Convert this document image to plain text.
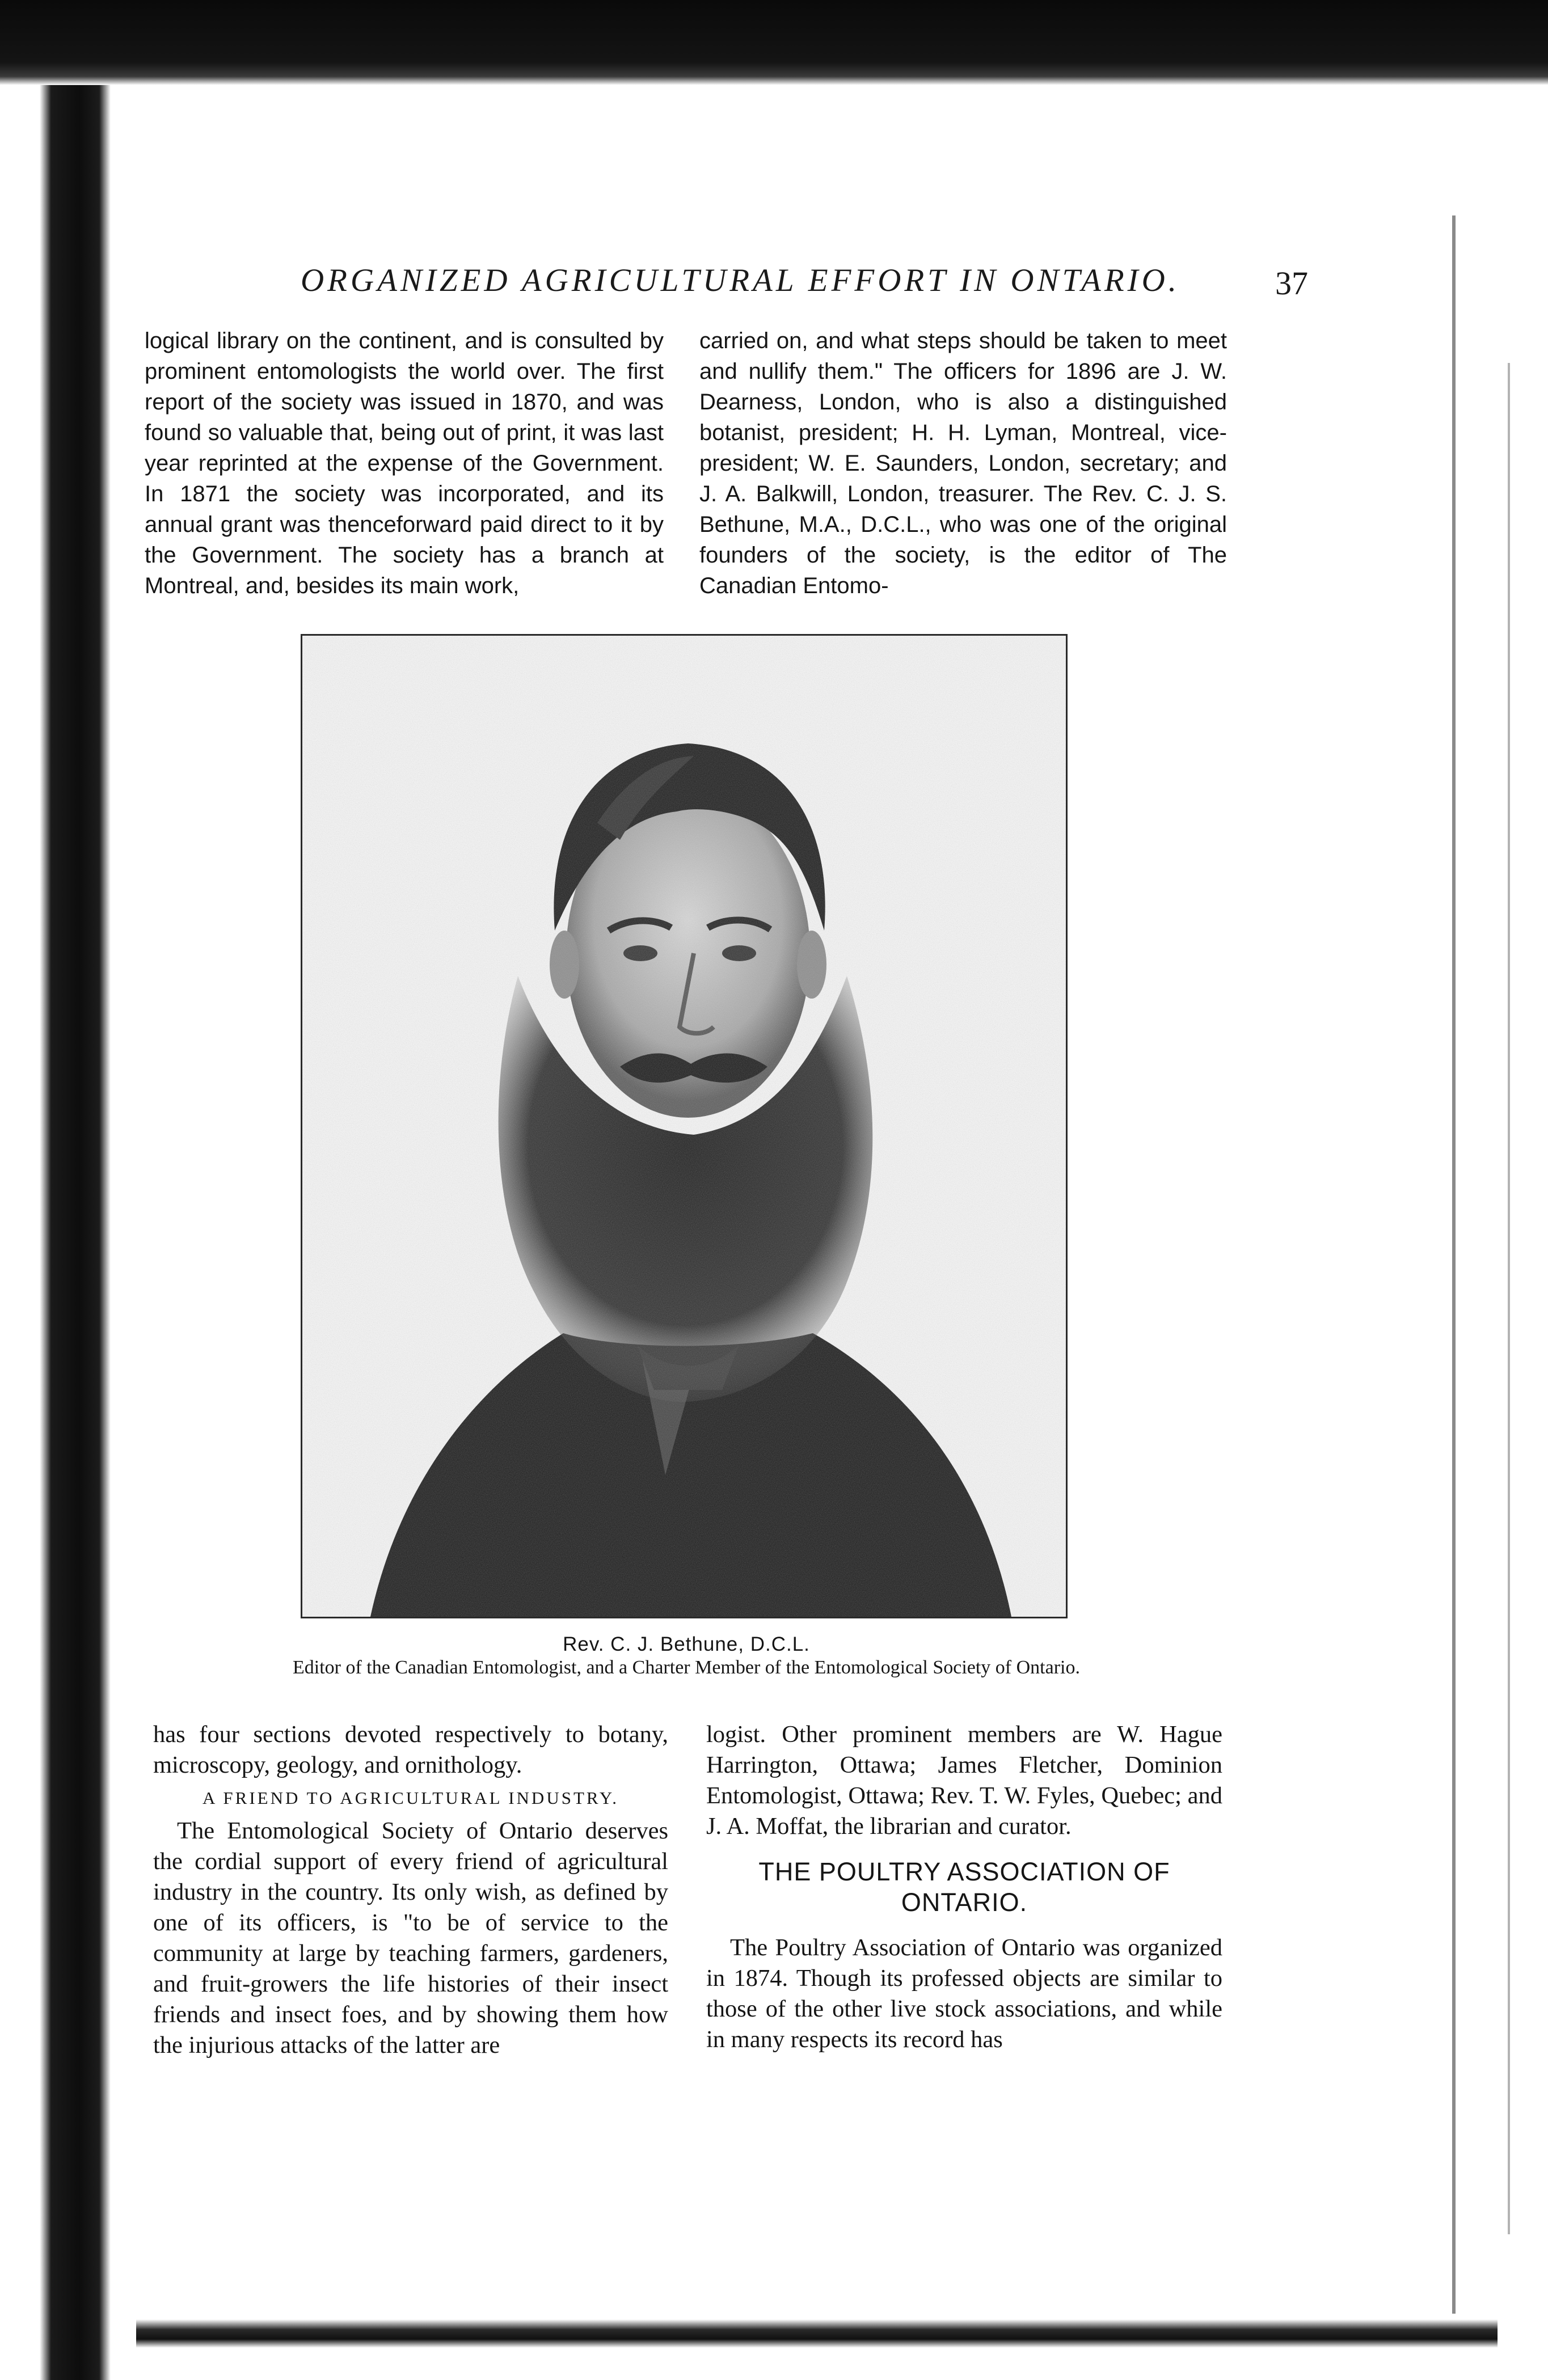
ORGANIZED AGRICULTURAL EFFORT IN ONTARIO.	37

logical library on the continent, and is consulted by prominent entomologists the world over. The first report of the society was issued in 1870, and was found so valuable that, being out of print, it was last year reprinted at the expense of the Government. In 1871 the society was incorporated, and its annual grant was thenceforward paid direct to it by the Government. The society has a branch at Montreal, and, besides its main work,

carried on, and what steps should be taken to meet and nullify them." The officers for 1896 are J. W. Dearness, London, who is also a distinguished botanist, president; H. H. Lyman, Montreal, vice-president; W. E. Saunders, London, secretary; and J. A. Balkwill, London, treasurer. The Rev. C. J. S. Bethune, M.A., D.C.L., who was one of the original founders of the society, is the editor of The Canadian Entomo-

Rev. C. J. Bethune, D.C.L.
Editor of the Canadian Entomologist, and a Charter Member of the Entomological Society of Ontario.

has four sections devoted respectively to botany, microscopy, geology, and ornithology.

A FRIEND TO AGRICULTURAL INDUSTRY.

The Entomological Society of Ontario deserves the cordial support of every friend of agricultural industry in the country. Its only wish, as defined by one of its officers, is "to be of service to the community at large by teaching farmers, gardeners, and fruit-growers the life histories of their insect friends and insect foes, and by showing them how the injurious attacks of the latter are

logist. Other prominent members are W. Hague Harrington, Ottawa; James Fletcher, Dominion Entomologist, Ottawa; Rev. T. W. Fyles, Quebec; and J. A. Moffat, the librarian and curator.

THE POULTRY ASSOCIATION OF ONTARIO.

The Poultry Association of Ontario was organized in 1874. Though its professed objects are similar to those of the other live stock associations, and while in many respects its record has
